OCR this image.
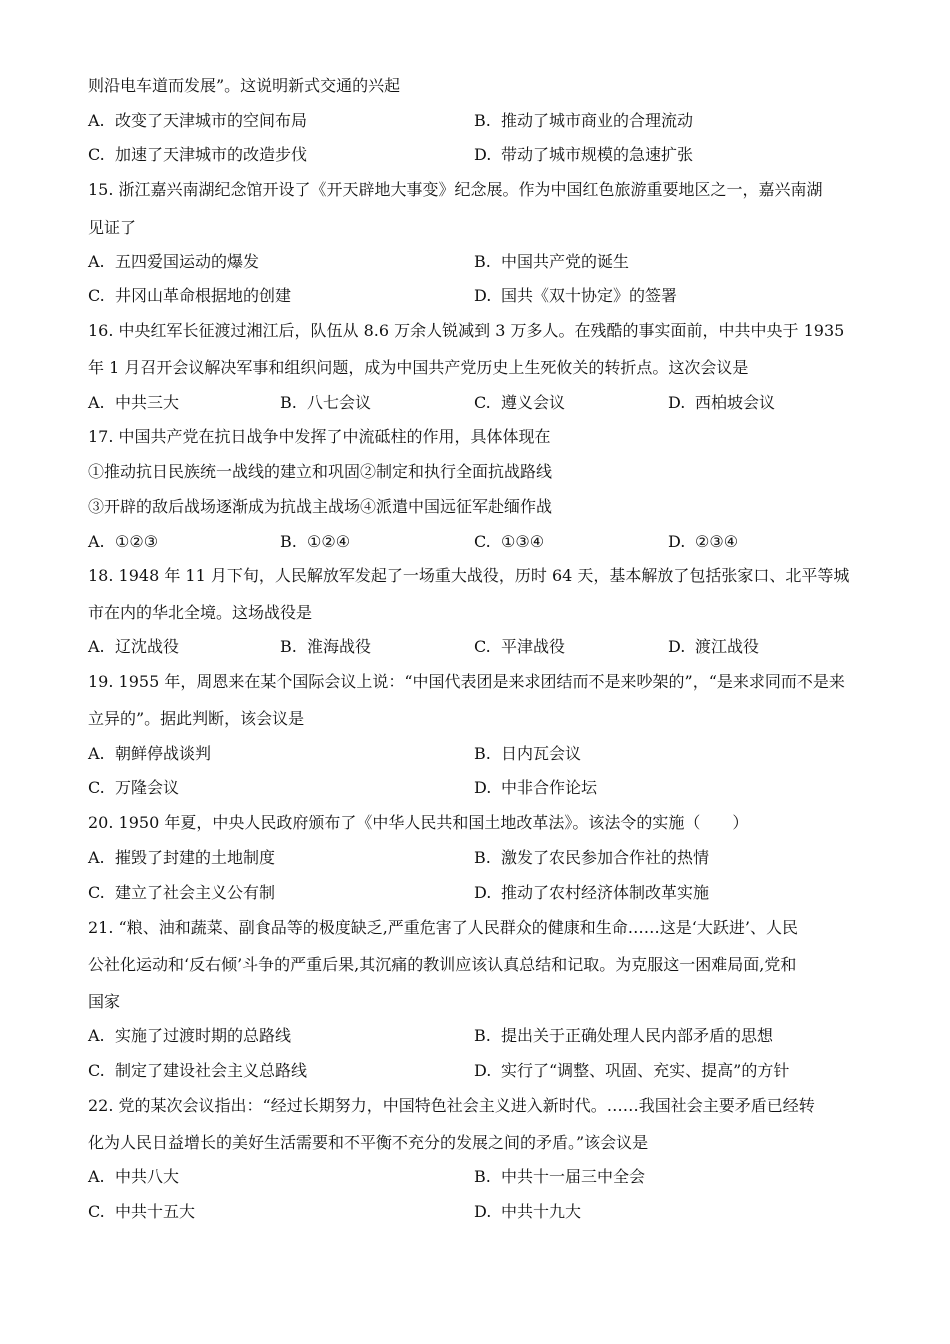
则沿电车道而发展”。这说明新式交通的兴起
A. 改变了天津城市的空间布局	B. 推动了城市商业的合理流动
C. 加速了天津城市的改造步伐	D. 带动了城市规模的急速扩张
15. 浙江嘉兴南湖纪念馆开设了《开天辟地大事变》纪念展。作为中国红色旅游重要地区之一，嘉兴南湖
见证了
A. 五四爱国运动的爆发	B. 中国共产党的诞生
C. 井冈山革命根据地的创建	D. 国共《双十协定》的签署
16. 中央红军长征渡过湘江后，队伍从 8.6 万余人锐减到 3 万多人。在残酷的事实面前，中共中央于 1935
年 1 月召开会议解决军事和组织问题，成为中国共产党历史上生死攸关的转折点。这次会议是
A. 中共三大	B. 八七会议	C. 遵义会议	D. 西柏坡会议
17. 中国共产党在抗日战争中发挥了中流砥柱的作用，具体体现在
①推动抗日民族统一战线的建立和巩固②制定和执行全面抗战路线
③开辟的敌后战场逐渐成为抗战主战场④派遣中国远征军赴缅作战
A. ①②③	B. ①②④	C. ①③④	D. ②③④
18. 1948 年 11 月下旬，人民解放军发起了一场重大战役，历时 64 天，基本解放了包括张家口、北平等城
市在内的华北全境。这场战役是
A. 辽沈战役	B. 淮海战役	C. 平津战役	D. 渡江战役
19. 1955 年，周恩来在某个国际会议上说：“中国代表团是来求团结而不是来吵架的”，“是来求同而不是来
立异的”。据此判断，该会议是
A. 朝鲜停战谈判	B. 日内瓦会议
C. 万隆会议	D. 中非合作论坛
20. 1950 年夏，中央人民政府颁布了《中华人民共和国土地改革法》。该法令的实施（　　）
A. 摧毁了封建的土地制度	B. 激发了农民参加合作社的热情
C. 建立了社会主义公有制	D. 推动了农村经济体制改革实施
21. “粮、油和蔬菜、副食品等的极度缺乏,严重危害了人民群众的健康和生命……这是‘大跃进’、人民
公社化运动和‘反右倾’斗争的严重后果,其沉痛的教训应该认真总结和记取。为克服这一困难局面,党和
国家
A. 实施了过渡时期的总路线	B. 提出关于正确处理人民内部矛盾的思想
C. 制定了建设社会主义总路线	D. 实行了“调整、巩固、充实、提高”的方针
22. 党的某次会议指出：“经过长期努力，中国特色社会主义进入新时代。……我国社会主要矛盾已经转
化为人民日益增长的美好生活需要和不平衡不充分的发展之间的矛盾。”该会议是
A. 中共八大	B. 中共十一届三中全会
C. 中共十五大	D. 中共十九大
